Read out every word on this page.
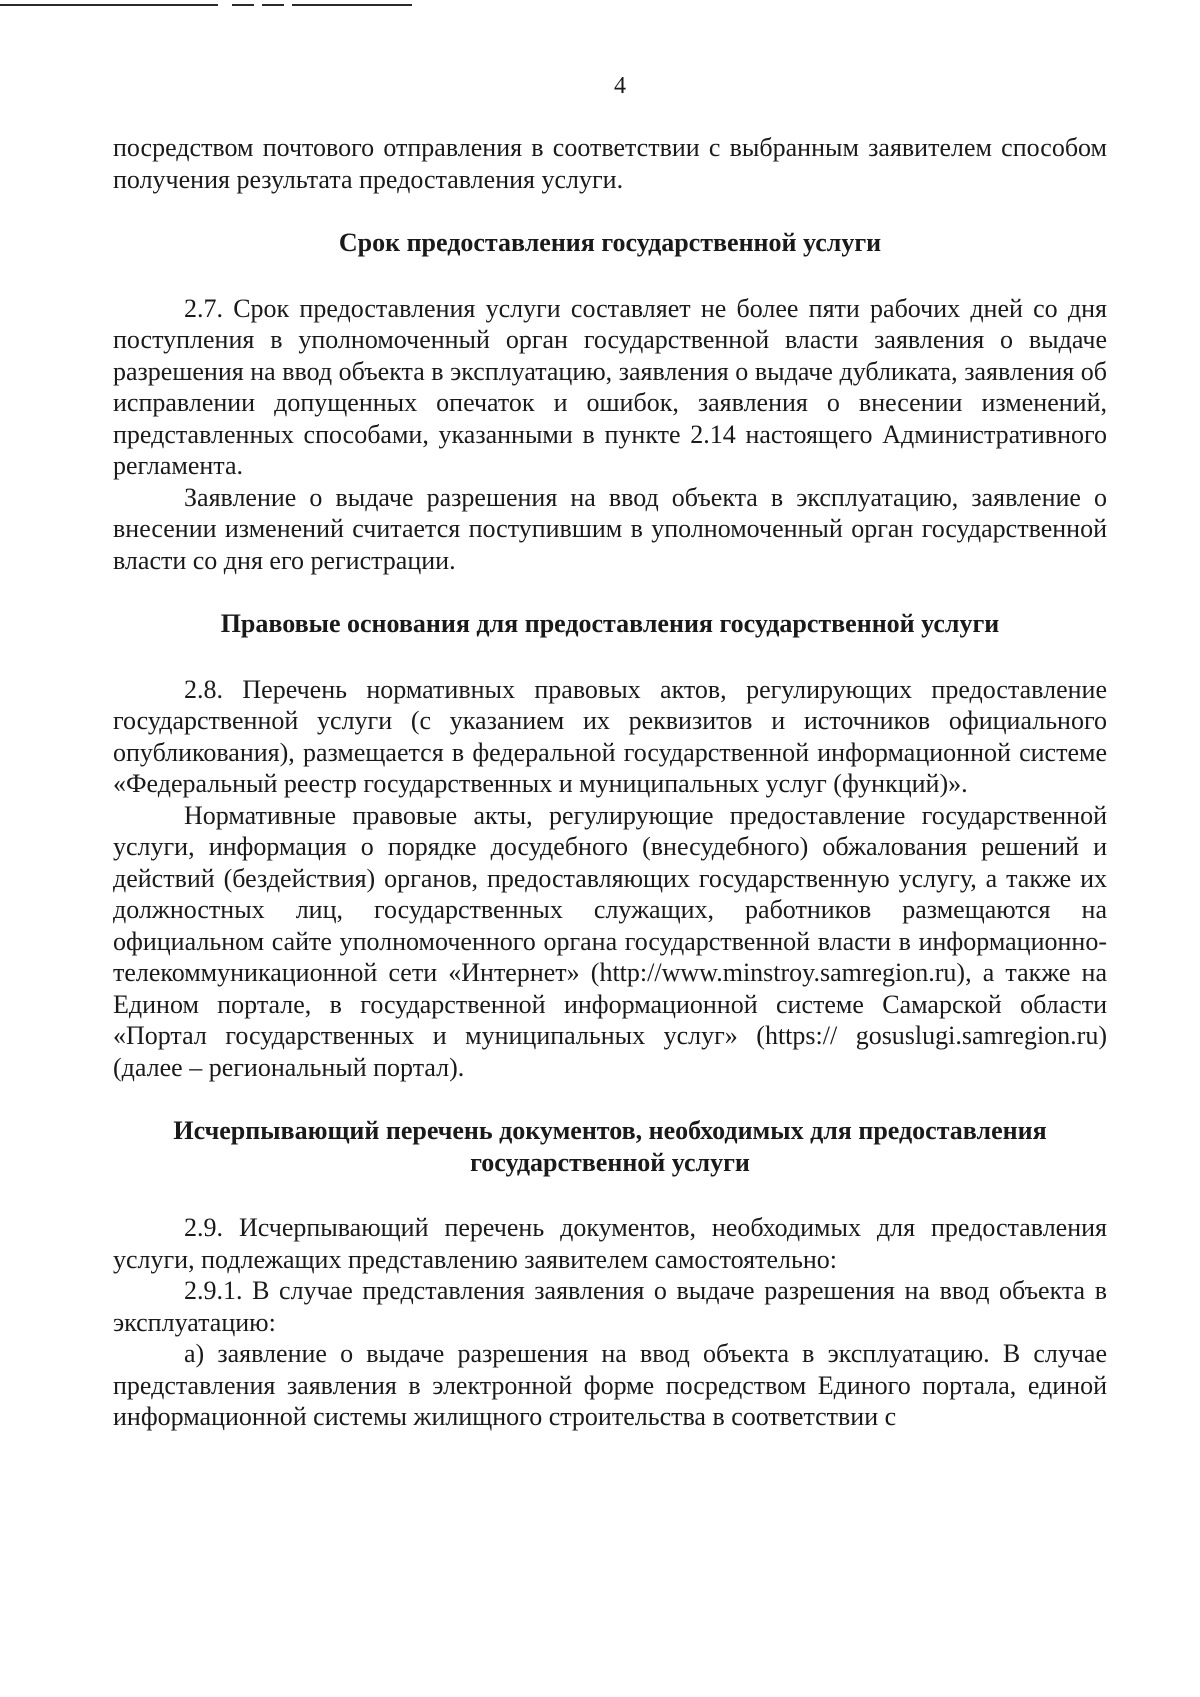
4

посредством почтового отправления в соответствии с выбранным заявителем способом получения результата предоставления услуги.

Срок предоставления государственной услуги

2.7. Срок предоставления услуги составляет не более пяти рабочих дней со дня поступления в уполномоченный орган государственной власти заявления о выдаче разрешения на ввод объекта в эксплуатацию, заявления о выдаче дубликата, заявления об исправлении допущенных опечаток и ошибок, заявления о внесении изменений, представленных способами, указанными в пункте 2.14 настоящего Административного регламента.

Заявление о выдаче разрешения на ввод объекта в эксплуатацию, заявление о внесении изменений считается поступившим в уполномоченный орган государственной власти со дня его регистрации.

Правовые основания для предоставления государственной услуги

2.8. Перечень нормативных правовых актов, регулирующих предоставление государственной услуги (с указанием их реквизитов и источников официального опубликования), размещается в федеральной государственной информационной системе «Федеральный реестр государственных и муниципальных услуг (функций)».

Нормативные правовые акты, регулирующие предоставление государственной услуги, информация о порядке досудебного (внесудебного) обжалования решений и действий (бездействия) органов, предоставляющих государственную услугу, а также их должностных лиц, государственных служащих, работников размещаются на официальном сайте уполномоченного органа государственной власти в информационно-телекоммуникационной сети «Интернет» (http://www.minstroy.samregion.ru), а также на Едином портале, в государственной информационной системе Самарской области «Портал государственных и муниципальных услуг» (https:// gosuslugi.samregion.ru) (далее – региональный портал).

Исчерпывающий перечень документов, необходимых для предоставления государственной услуги

2.9. Исчерпывающий перечень документов, необходимых для предоставления услуги, подлежащих представлению заявителем самостоятельно:

2.9.1. В случае представления заявления о выдаче разрешения на ввод объекта в эксплуатацию:

а) заявление о выдаче разрешения на ввод объекта в эксплуатацию. В случае представления заявления в электронной форме посредством Единого портала, единой информационной системы жилищного строительства в соответствии с
